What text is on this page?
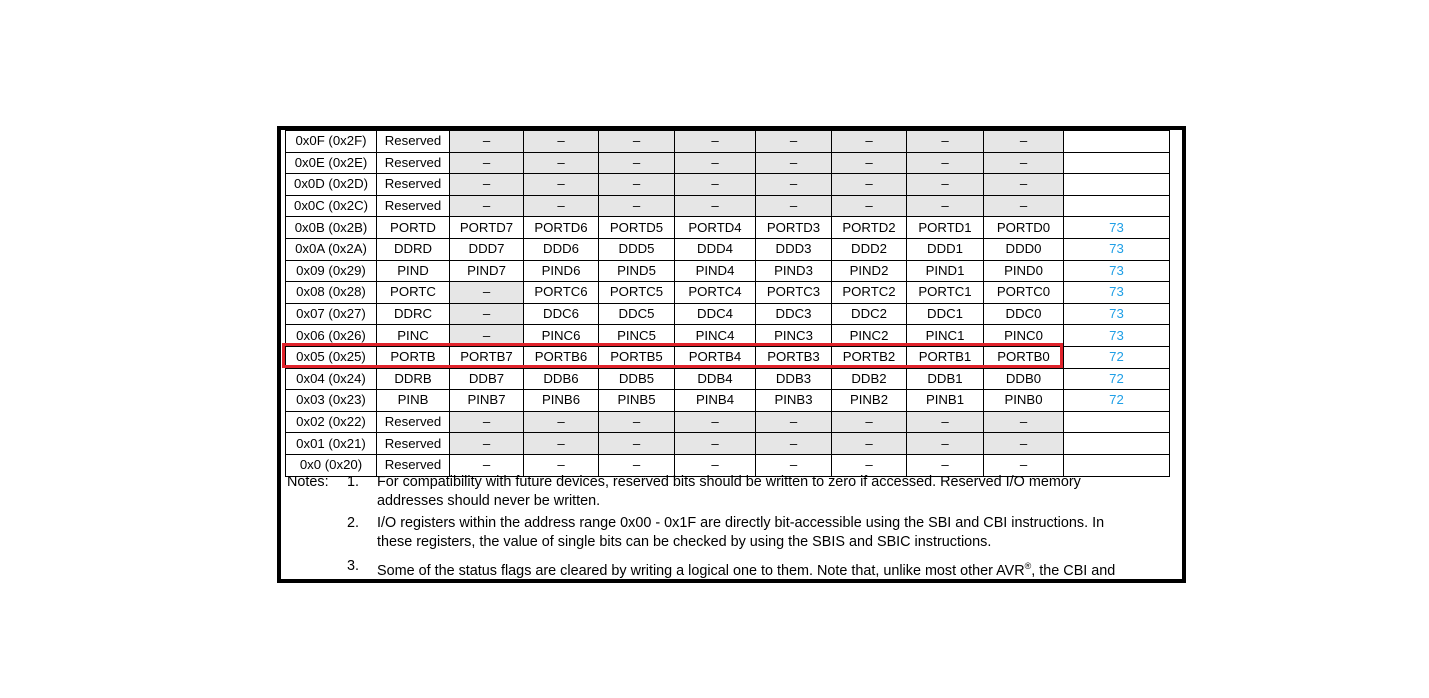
0x0F (0x2F)	Reserved	–	–	–	–	–	–	–	–	
0x0E (0x2E)	Reserved	–	–	–	–	–	–	–	–	
0x0D (0x2D)	Reserved	–	–	–	–	–	–	–	–	
0x0C (0x2C)	Reserved	–	–	–	–	–	–	–	–	
0x0B (0x2B)	PORTD	PORTD7	PORTD6	PORTD5	PORTD4	PORTD3	PORTD2	PORTD1	PORTD0	73
0x0A (0x2A)	DDRD	DDD7	DDD6	DDD5	DDD4	DDD3	DDD2	DDD1	DDD0	73
0x09 (0x29)	PIND	PIND7	PIND6	PIND5	PIND4	PIND3	PIND2	PIND1	PIND0	73
0x08 (0x28)	PORTC	–	PORTC6	PORTC5	PORTC4	PORTC3	PORTC2	PORTC1	PORTC0	73
0x07 (0x27)	DDRC	–	DDC6	DDC5	DDC4	DDC3	DDC2	DDC1	DDC0	73
0x06 (0x26)	PINC	–	PINC6	PINC5	PINC4	PINC3	PINC2	PINC1	PINC0	73
0x05 (0x25)	PORTB	PORTB7	PORTB6	PORTB5	PORTB4	PORTB3	PORTB2	PORTB1	PORTB0	72
0x04 (0x24)	DDRB	DDB7	DDB6	DDB5	DDB4	DDB3	DDB2	DDB1	DDB0	72
0x03 (0x23)	PINB	PINB7	PINB6	PINB5	PINB4	PINB3	PINB2	PINB1	PINB0	72
0x02 (0x22)	Reserved	–	–	–	–	–	–	–	–	
0x01 (0x21)	Reserved	–	–	–	–	–	–	–	–	
0x0 (0x20)	Reserved	–	–	–	–	–	–	–	–	
Notes: 1. For compatibility with future devices, reserved bits should be written to zero if accessed. Reserved I/O memory
addresses should never be written.
2. I/O registers within the address range 0x00 - 0x1F are directly bit-accessible using the SBI and CBI instructions. In
these registers, the value of single bits can be checked by using the SBIS and SBIC instructions.
3. Some of the status flags are cleared by writing a logical one to them. Note that, unlike most other AVR®, the CBI and
